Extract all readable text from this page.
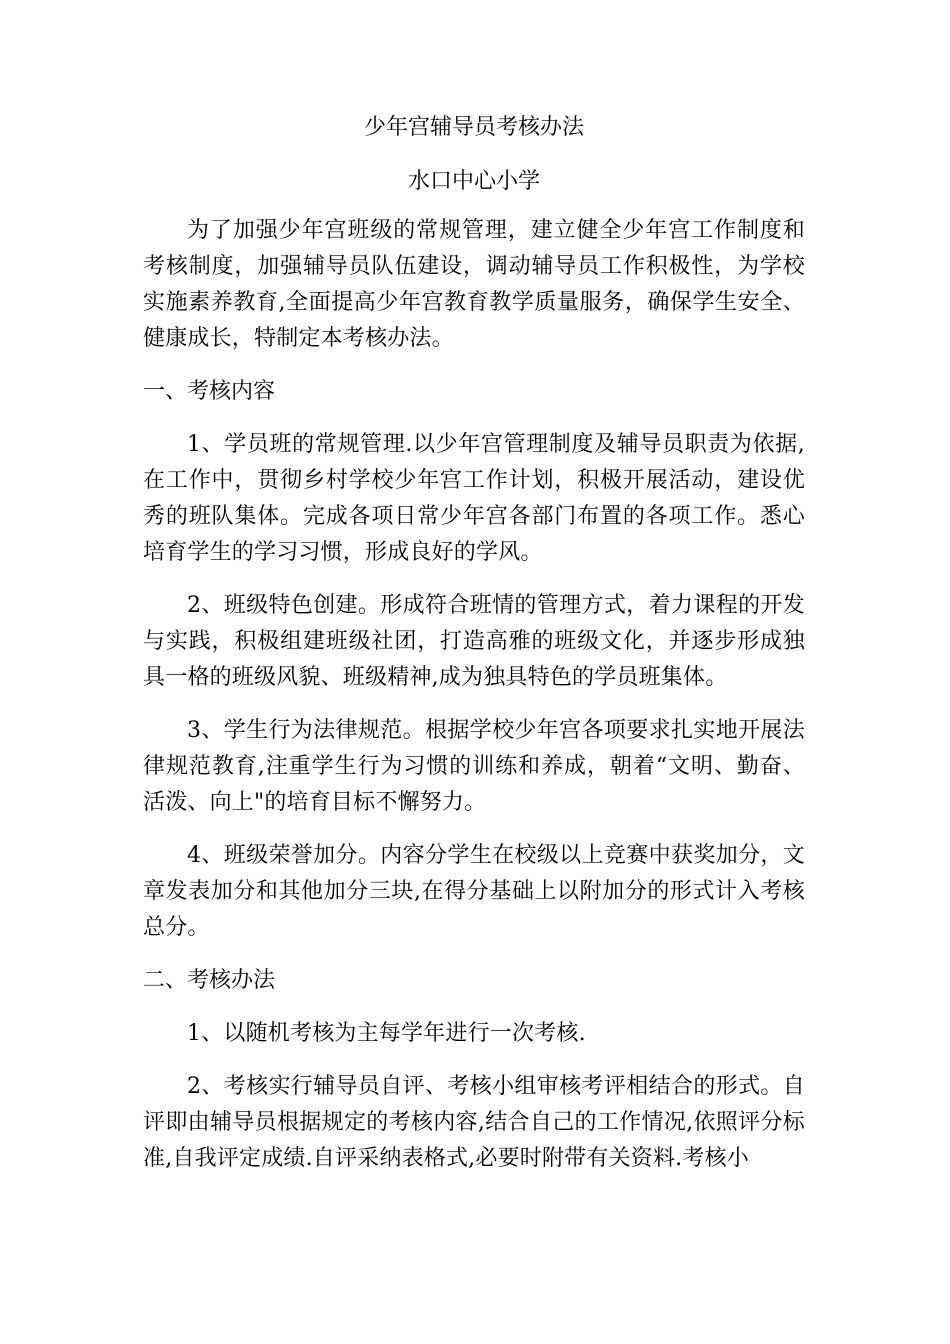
少年宫辅导员考核办法
水口中心小学

为了加强少年宫班级的常规管理，建立健全少年宫工作制度和考核制度，加强辅导员队伍建设，调动辅导员工作积极性，为学校实施素养教育,全面提高少年宫教育教学质量服务，确保学生安全、健康成长，特制定本考核办法。

一、考核内容

1、学员班的常规管理.以少年宫管理制度及辅导员职责为依据,在工作中，贯彻乡村学校少年宫工作计划，积极开展活动，建设优秀的班队集体。完成各项日常少年宫各部门布置的各项工作。悉心培育学生的学习习惯，形成良好的学风。

2、班级特色创建。形成符合班情的管理方式，着力课程的开发与实践，积极组建班级社团，打造高雅的班级文化，并逐步形成独具一格的班级风貌、班级精神,成为独具特色的学员班集体。

3、学生行为法律规范。根据学校少年宫各项要求扎实地开展法律规范教育,注重学生行为习惯的训练和养成，朝着“文明、勤奋、活泼、向上"的培育目标不懈努力。

4、班级荣誉加分。内容分学生在校级以上竞赛中获奖加分，文章发表加分和其他加分三块,在得分基础上以附加分的形式计入考核总分。

二、考核办法

1、以随机考核为主每学年进行一次考核.

2、考核实行辅导员自评、考核小组审核考评相结合的形式。自评即由辅导员根据规定的考核内容,结合自己的工作情况,依照评分标准,自我评定成绩.自评采纳表格式,必要时附带有关资料.考核小
